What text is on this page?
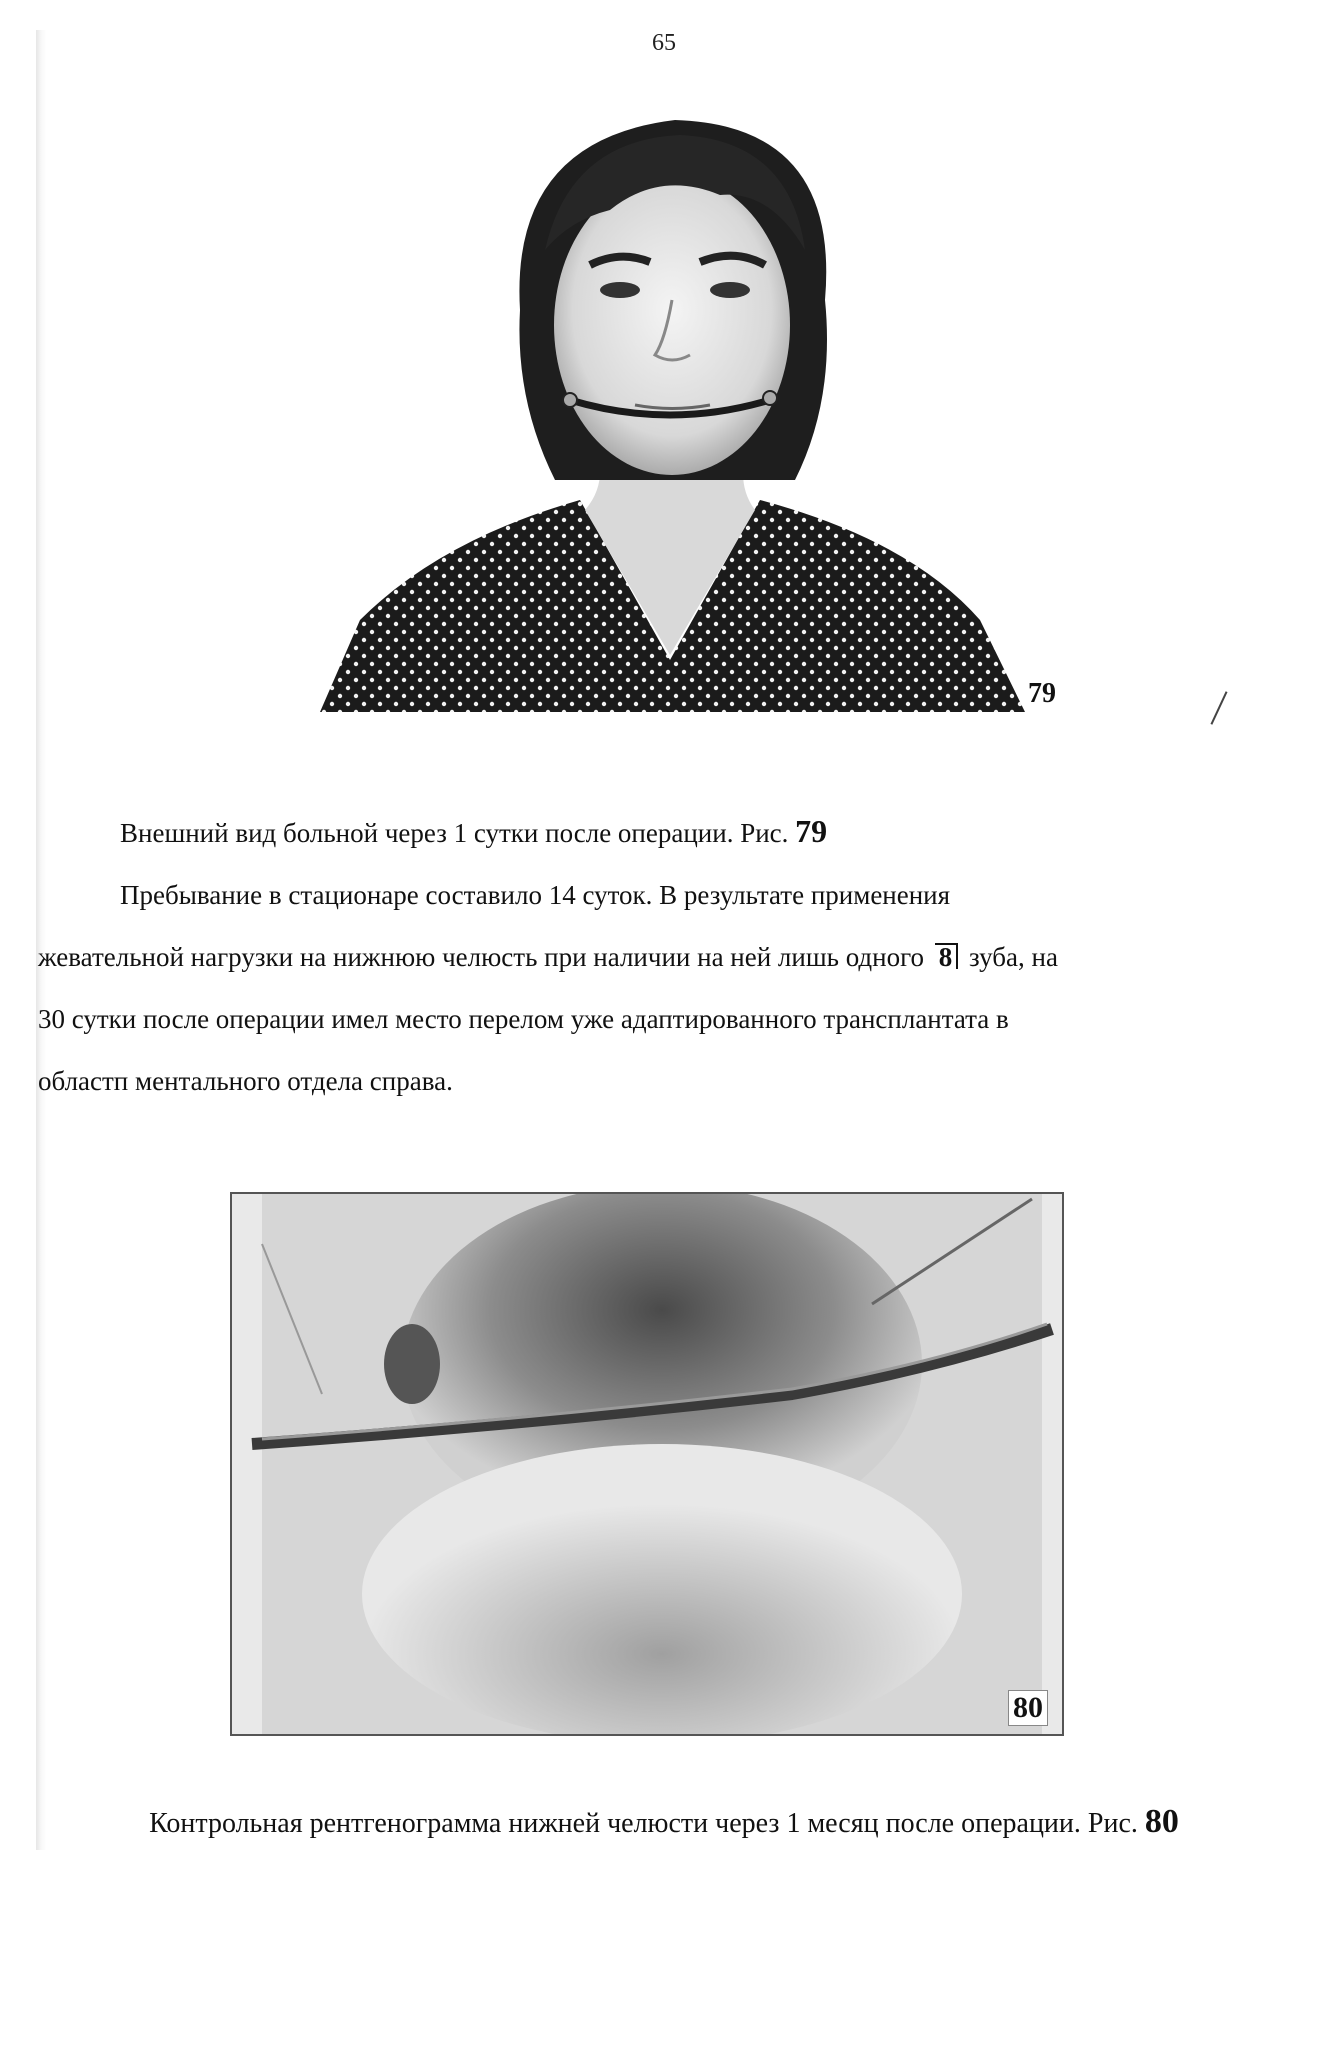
65
79
Внешний вид больной через 1 сутки после операции. Рис. 79
Пребывание в стационаре составило 14 суток. В результате применения
жевательной нагрузки на нижнюю челюсть при наличии на ней лишь одного 8 зуба, на
30 сутки после операции имел место перелом уже адаптированного трансплантата в
областп ментального отдела справа.
80
Контрольная рентгенограмма нижней челюсти через 1 месяц после операции. Рис. 80
